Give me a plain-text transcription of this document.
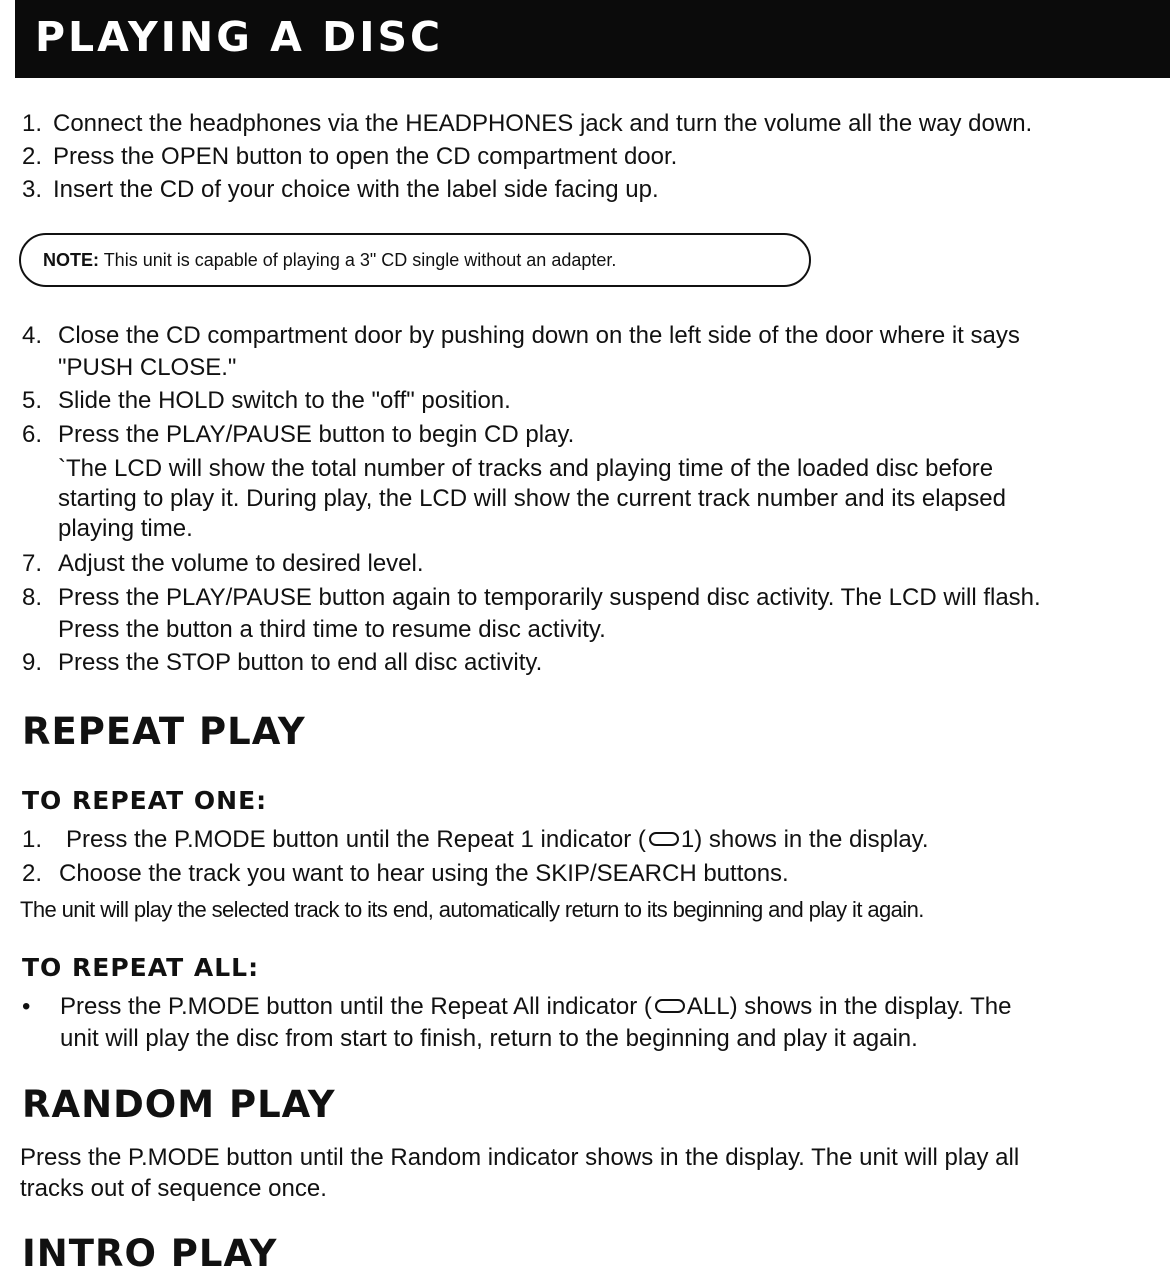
PLAYING A DISC
1. Connect the headphones via the HEADPHONES jack and turn the volume all the way down.
2. Press the OPEN button to open the CD compartment door.
3. Insert the CD of your choice with the label side facing up.
NOTE: This unit is capable of playing a 3" CD single without an adapter.
4. Close the CD compartment door by pushing down on the left side of the door where it says
"PUSH CLOSE."
5. Slide the HOLD switch to the "off" position.
6. Press the PLAY/PAUSE button to begin CD play.
`The LCD will show the total number of tracks and playing time of the loaded disc before
starting to play it. During play, the LCD will show the current track number and its elapsed
playing time.
7. Adjust the volume to desired level.
8. Press the PLAY/PAUSE button again to temporarily suspend disc activity. The LCD will flash.
Press the button a third time to resume disc activity.
9. Press the STOP button to end all disc activity.
REPEAT PLAY
TO REPEAT ONE:
1. Press the P.MODE button until the Repeat 1 indicator ( 1) shows in the display.
2. Choose the track you want to hear using the SKIP/SEARCH buttons.
The unit will play the selected track to its end, automatically return to its beginning and play it again.
TO REPEAT ALL:
• Press the P.MODE button until the Repeat All indicator ( ALL) shows in the display. The
unit will play the disc from start to finish, return to the beginning and play it again.
RANDOM PLAY
Press the P.MODE button until the Random indicator shows in the display. The unit will play all
tracks out of sequence once.
INTRO PLAY
